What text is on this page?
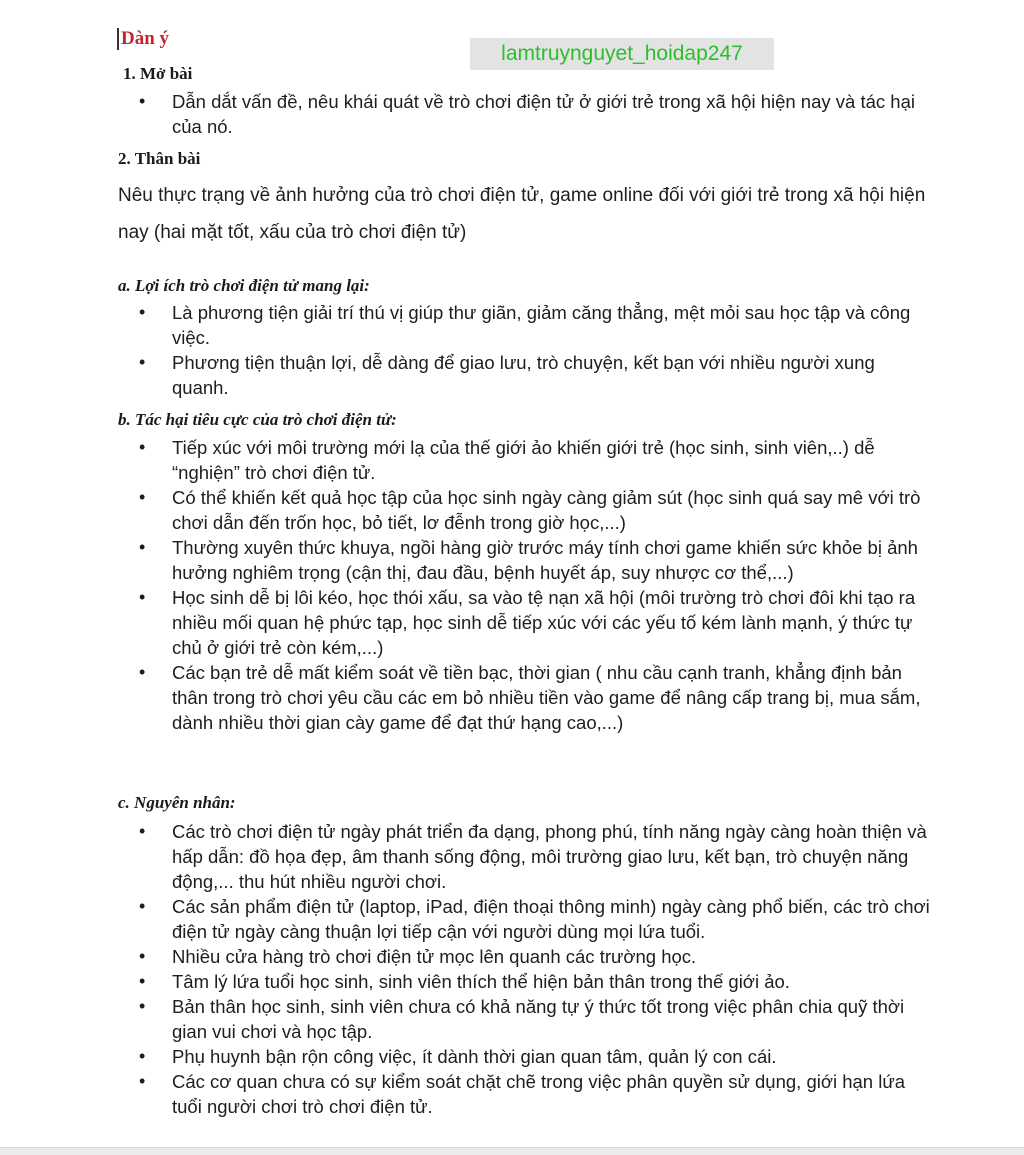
Dàn ý
lamtruynguyet_hoidap247
1. Mở bài
• Dẫn dắt vấn đề, nêu khái quát về trò chơi điện tử ở giới trẻ trong xã hội hiện nay và tác hại của nó.
2. Thân bài
Nêu thực trạng về ảnh hưởng của trò chơi điện tử, game online đối với giới trẻ trong xã hội hiện nay (hai mặt tốt, xấu của trò chơi điện tử)
a. Lợi ích trò chơi điện tử mang lại:
• Là phương tiện giải trí thú vị giúp thư giãn, giảm căng thẳng, mệt mỏi sau học tập và công việc.
• Phương tiện thuận lợi, dễ dàng để giao lưu, trò chuyện, kết bạn với nhiều người xung quanh.
b. Tác hại tiêu cực của trò chơi điện tử:
• Tiếp xúc với môi trường mới lạ của thế giới ảo khiến giới trẻ (học sinh, sinh viên,..) dễ “nghiện” trò chơi điện tử.
• Có thể khiến kết quả học tập của học sinh ngày càng giảm sút (học sinh quá say mê với trò chơi dẫn đến trốn học, bỏ tiết, lơ đễnh trong giờ học,...)
• Thường xuyên thức khuya, ngồi hàng giờ trước máy tính chơi game khiến sức khỏe bị ảnh hưởng nghiêm trọng (cận thị, đau đầu, bệnh huyết áp, suy nhược cơ thể,...)
• Học sinh dễ bị lôi kéo, học thói xấu, sa vào tệ nạn xã hội (môi trường trò chơi đôi khi tạo ra nhiều mối quan hệ phức tạp, học sinh dễ tiếp xúc với các yếu tố kém lành mạnh, ý thức tự chủ ở giới trẻ còn kém,...)
• Các bạn trẻ dễ mất kiểm soát về tiền bạc, thời gian ( nhu cầu cạnh tranh, khẳng định bản thân trong trò chơi yêu cầu các em bỏ nhiều tiền vào game để nâng cấp trang bị, mua sắm, dành nhiều thời gian cày game để đạt thứ hạng cao,...)
c. Nguyên nhân:
• Các trò chơi điện tử ngày phát triển đa dạng, phong phú, tính năng ngày càng hoàn thiện và hấp dẫn: đồ họa đẹp, âm thanh sống động, môi trường giao lưu, kết bạn, trò chuyện năng động,... thu hút nhiều người chơi.
• Các sản phẩm điện tử (laptop, iPad, điện thoại thông minh) ngày càng phổ biến, các trò chơi điện tử ngày càng thuận lợi tiếp cận với người dùng mọi lứa tuổi.
• Nhiều cửa hàng trò chơi điện tử mọc lên quanh các trường học.
• Tâm lý lứa tuổi học sinh, sinh viên thích thể hiện bản thân trong thế giới ảo.
• Bản thân học sinh, sinh viên chưa có khả năng tự ý thức tốt trong việc phân chia quỹ thời gian vui chơi và học tập.
• Phụ huynh bận rộn công việc, ít dành thời gian quan tâm, quản lý con cái.
• Các cơ quan chưa có sự kiểm soát chặt chẽ trong việc phân quyền sử dụng, giới hạn lứa tuổi người chơi trò chơi điện tử.
